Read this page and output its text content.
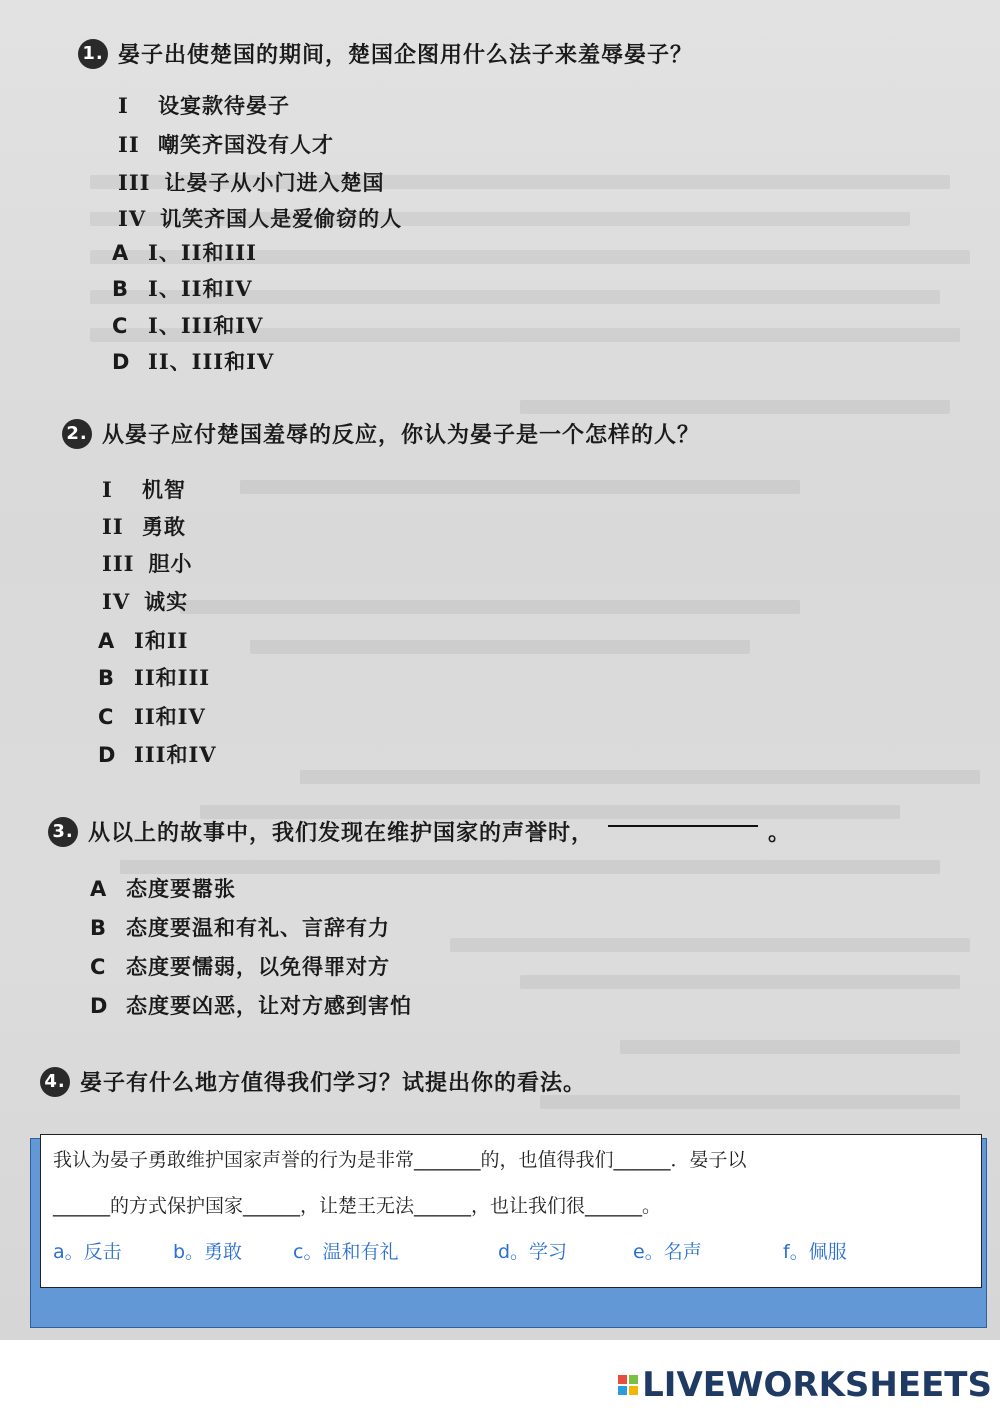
1. 晏子出使楚国的期间，楚国企图用什么法子来羞辱晏子？
I	设宴款待晏子
II 嘲笑齐国没有人才
III 让晏子从小门进入楚国
IV 讥笑齐国人是爱偷窃的人
A I、II和III
B I、II和IV
C I、III和IV
D II、III和IV
2. 从晏子应付楚国羞辱的反应，你认为晏子是一个怎样的人？
I	机智
II 勇敢
III 胆小
IV 诚实
A I和II
B II和III
C II和IV
D III和IV
3. 从以上的故事中，我们发现在维护国家的声誉时，	。
A 态度要嚣张
B 态度要温和有礼、言辞有力
C 态度要懦弱，以免得罪对方
D 态度要凶恶，让对方感到害怕
4. 晏子有什么地方值得我们学习？试提出你的看法。
我认为晏子勇敢维护国家声誉的行为是非常_______的，也值得我们______．晏子以
______的方式保护国家______，让楚王无法______，也让我们很______。
a。反击	b。勇敢	c。温和有礼	d。学习	e。名声	f。佩服
LIVEWORKSHEETS
